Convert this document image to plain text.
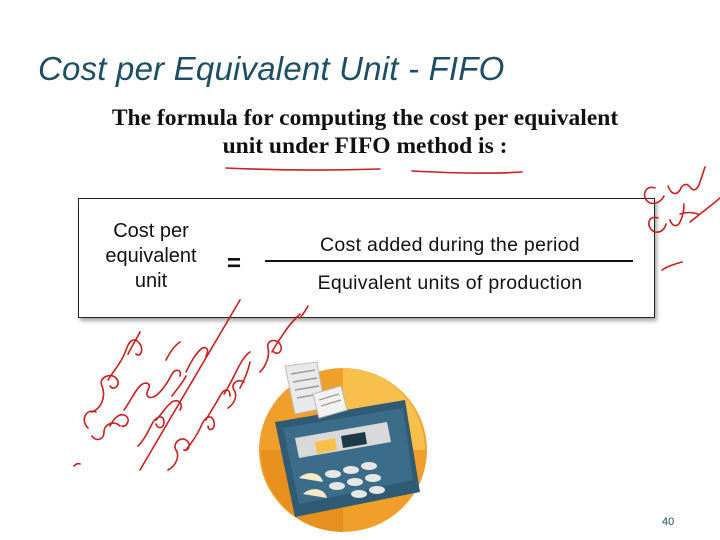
Cost per Equivalent Unit - FIFO
The formula for computing the cost per equivalent
unit under FIFO method is :
Cost per
equivalent
unit
=
Cost added during the period
Equivalent units of production
40
